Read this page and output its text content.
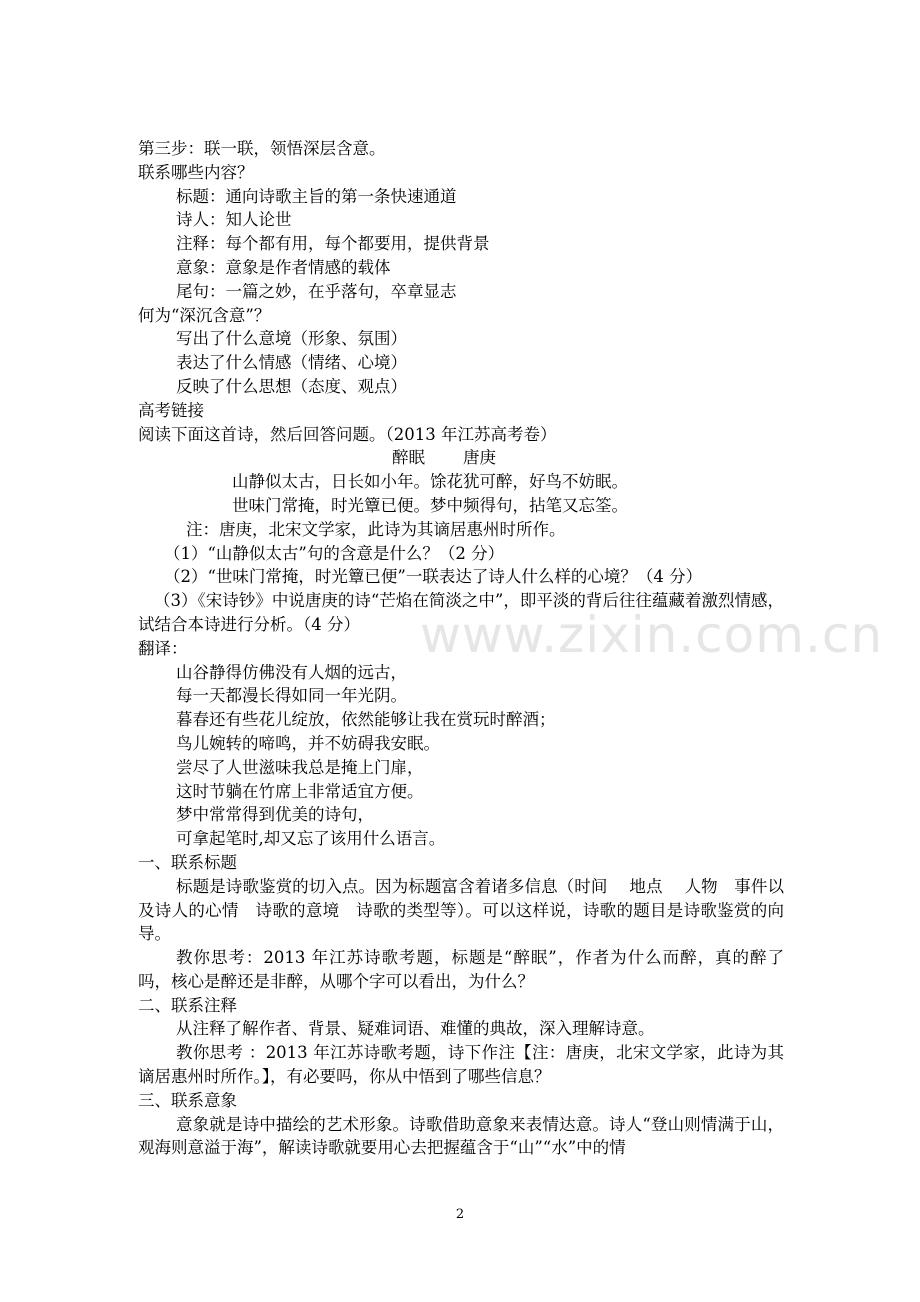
www.zixin.com.cn
第三步：联一联，领悟深层含意。
联系哪些内容？
标题：通向诗歌主旨的第一条快速通道
诗人：知人论世
注释：每个都有用，每个都要用，提供背景
意象：意象是作者情感的载体
尾句：一篇之妙，在乎落句，卒章显志
何为“深沉含意”？
写出了什么意境（形象、氛围）
表达了什么情感（情绪、心境）
反映了什么思想（态度、观点）
高考链接
阅读下面这首诗，然后回答问题。（2013 年江苏高考卷）
醉眠 唐庚
山静似太古，日长如小年。馀花犹可醉，好鸟不妨眠。
世味门常掩，时光簟已便。梦中频得句，拈笔又忘筌。
注：唐庚，北宋文学家，此诗为其谪居惠州时所作。
（1）“山静似太古”句的含意是什么？（2 分）
（2）“世味门常掩，时光簟已便”一联表达了诗人什么样的心境？（4 分）
（3）《宋诗钞》中说唐庚的诗“芒焰在简淡之中”，即平淡的背后往往蕴藏着激烈情感，试结合本诗进行分析。（4 分）
翻译：
山谷静得仿佛没有人烟的远古，
每一天都漫长得如同一年光阴。
暮春还有些花儿绽放，依然能够让我在赏玩时醉酒；
鸟儿婉转的啼鸣，并不妨碍我安眠。
尝尽了人世滋味我总是掩上门扉，
这时节躺在竹席上非常适宜方便。
梦中常常得到优美的诗句，
可拿起笔时,却又忘了该用什么语言。
一、联系标题
标题是诗歌鉴赏的切入点。因为标题富含着诸多信息（时间　 地点　 人物　事件以及诗人的心情　诗歌的意境　诗歌的类型等）。可以这样说，诗歌的题目是诗歌鉴赏的向导。
教你思考：2013 年江苏诗歌考题，标题是“醉眠”，作者为什么而醉，真的醉了吗，核心是醉还是非醉，从哪个字可以看出，为什么？
二、联系注释
从注释了解作者、背景、疑难词语、难懂的典故，深入理解诗意。
教你思考 ：2013 年江苏诗歌考题，诗下作注【注：唐庚，北宋文学家，此诗为其谪居惠州时所作。】，有必要吗，你从中悟到了哪些信息？
三、联系意象
意象就是诗中描绘的艺术形象。诗歌借助意象来表情达意。诗人“登山则情满于山，观海则意溢于海”，解读诗歌就要用心去把握蕴含于“山”“水”中的情
2
